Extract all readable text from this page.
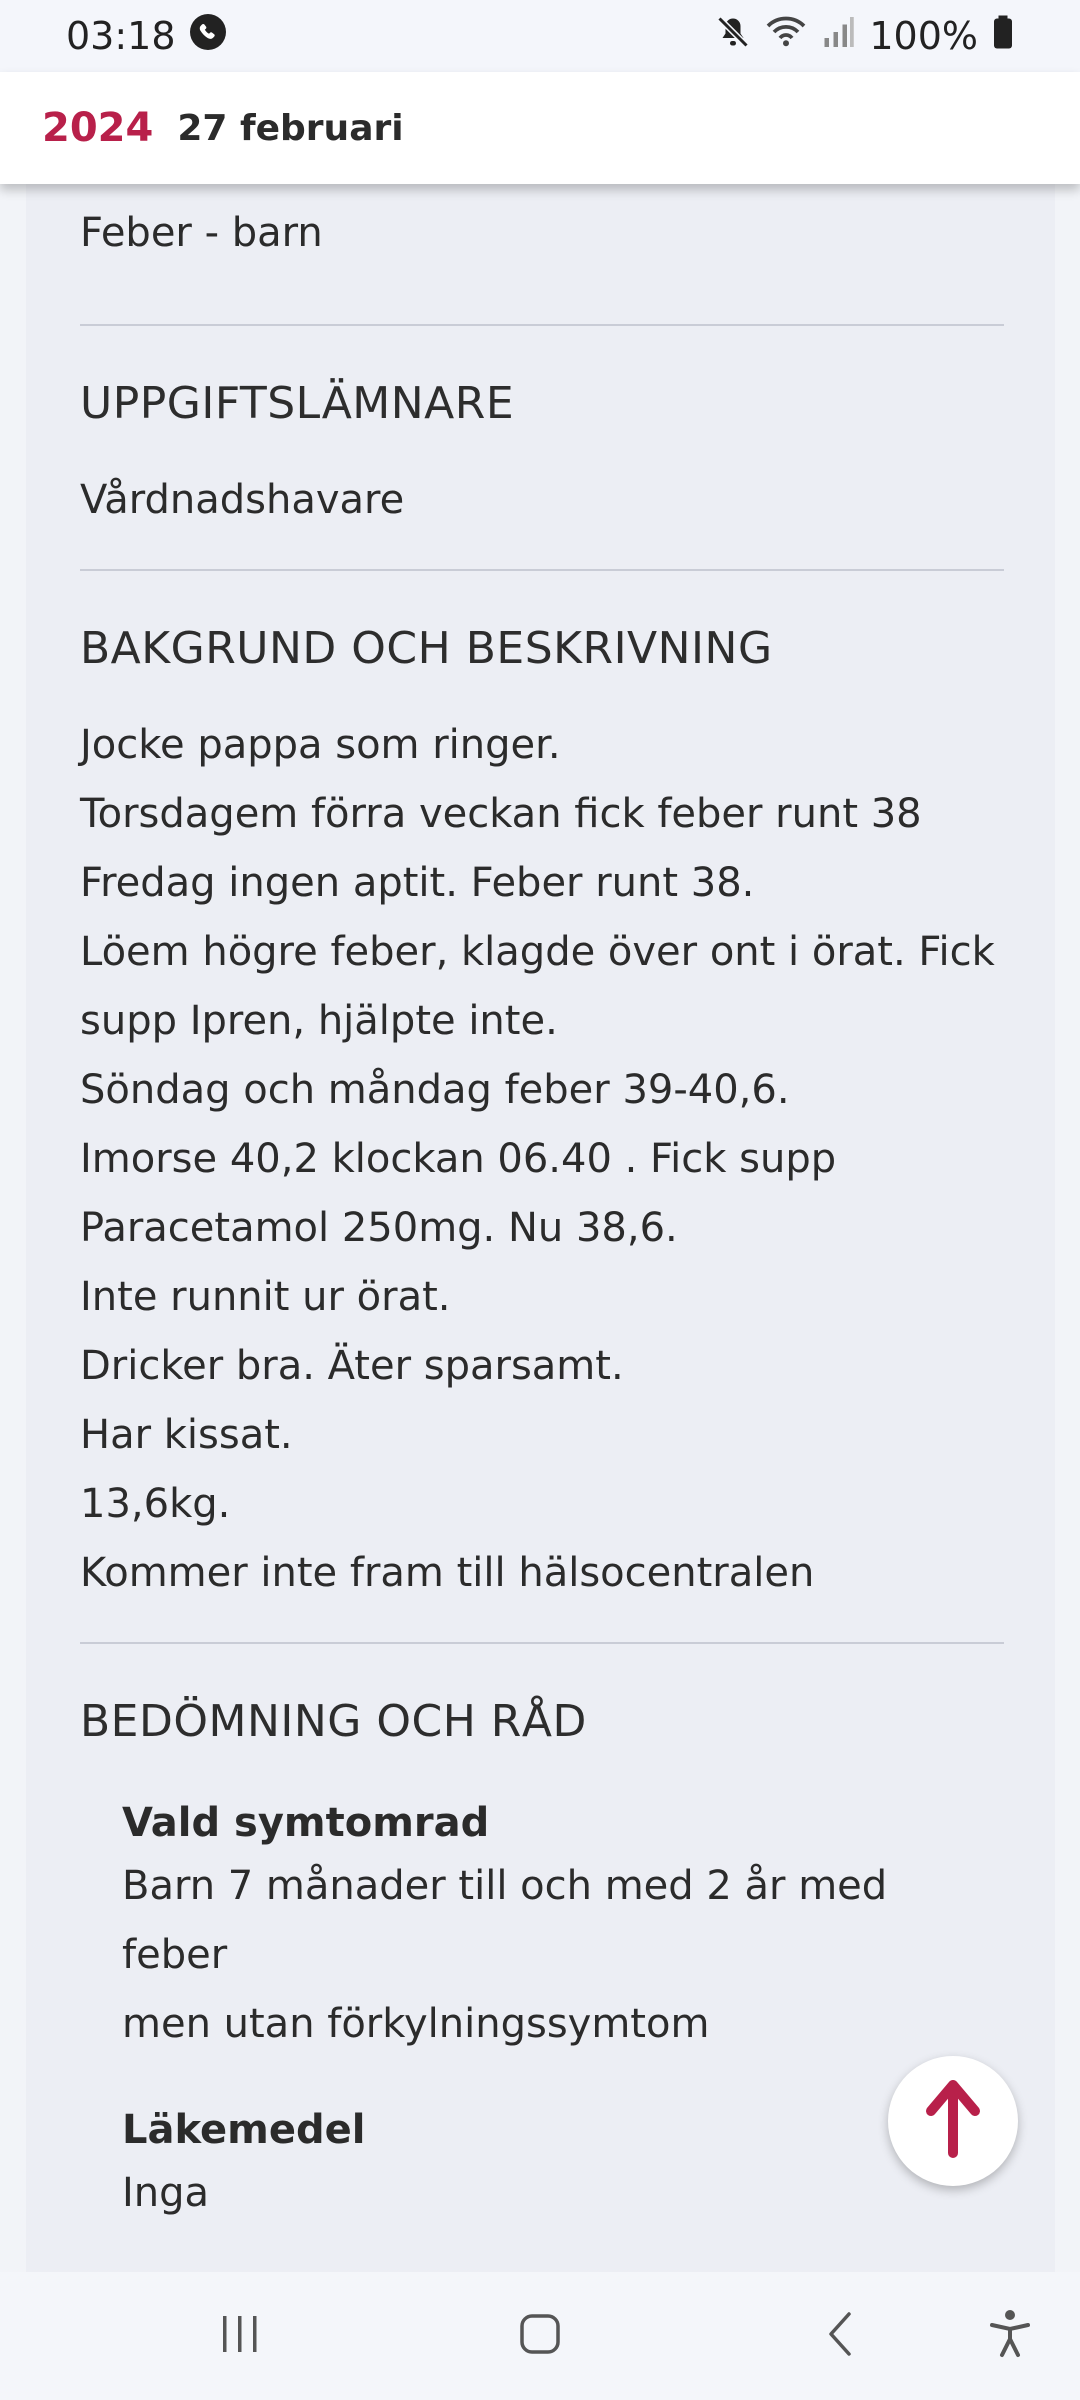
03:18	100%
2024 27 februari
Feber - barn
UPPGIFTSLÄMNARE
Vårdnadshavare
BAKGRUND OCH BESKRIVNING
Jocke pappa som ringer.
Torsdagem förra veckan fick feber runt 38
Fredag ingen aptit. Feber runt 38.
Löem högre feber, klagde över ont i örat. Fick
supp Ipren, hjälpte inte.
Söndag och måndag feber 39-40,6.
Imorse 40,2 klockan 06.40 . Fick supp
Paracetamol 250mg. Nu 38,6.
Inte runnit ur örat.
Dricker bra. Äter sparsamt.
Har kissat.
13,6kg.
Kommer inte fram till hälsocentralen
BEDÖMNING OCH RÅD
Vald symtomrad
Barn 7 månader till och med 2 år med feber
men utan förkylningssymtom
Läkemedel
Inga
